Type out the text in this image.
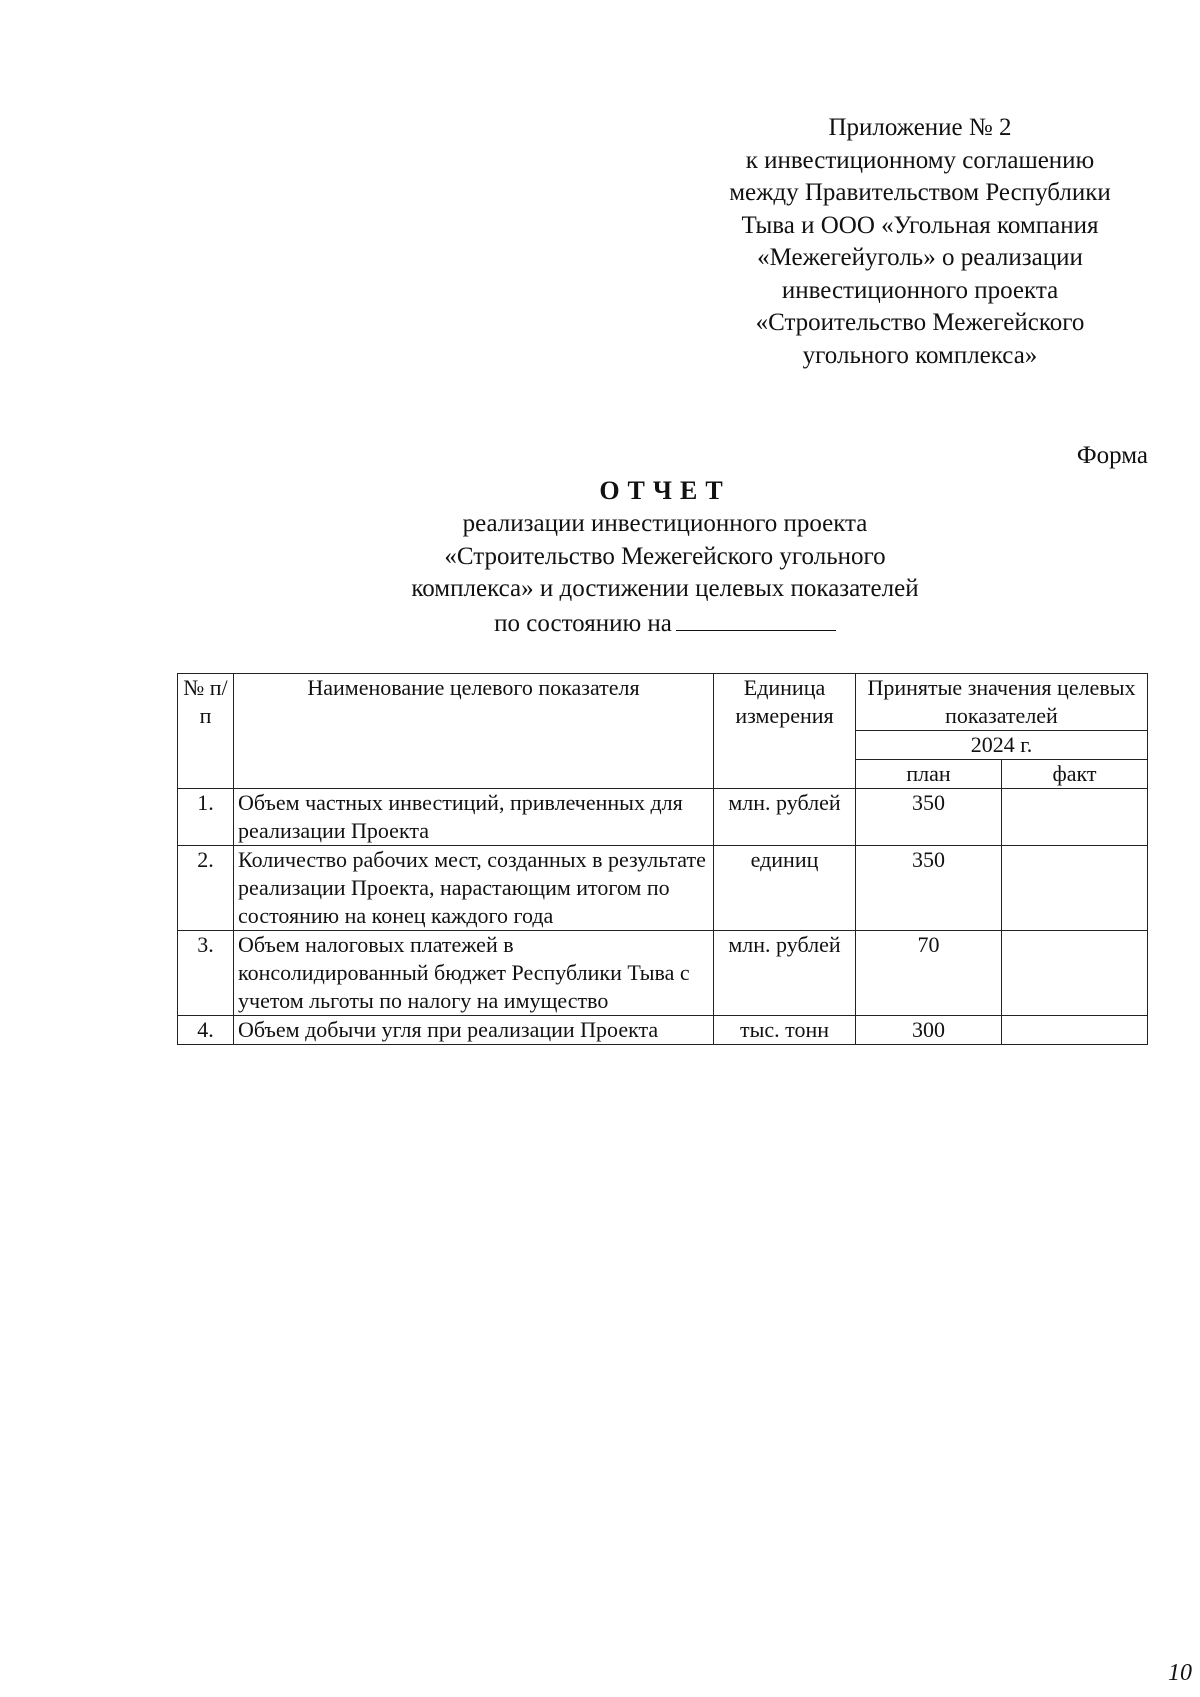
Приложение № 2
к инвестиционному соглашению
между Правительством Республики
Тыва и ООО «Угольная компания
«Межегейуголь» о реализации
инвестиционного проекта
«Строительство Межегейского
угольного комплекса»
Форма
ОТЧЕТ
реализации инвестиционного проекта
«Строительство Межегейского угольного
комплекса» и достижении целевых показателей
по состоянию на
№ п/п	Наименование целевого показателя	Единица измерения	Принятые значения целевых показателей	
			2024 г.	
			план	факт
1.	Объем частных инвестиций, привлеченных для реализации Проекта	млн. рублей	350	
2.	Количество рабочих мест, созданных в результате реализации Проекта, нарастающим итогом по состоянию на конец каждого года	единиц	350	
3.	Объем налоговых платежей в консолидированный бюджет Республики Тыва с учетом льготы по налогу на имущество	млн. рублей	70	
4.	Объем добычи угля при реализации Проекта	тыс. тонн	300	
10
